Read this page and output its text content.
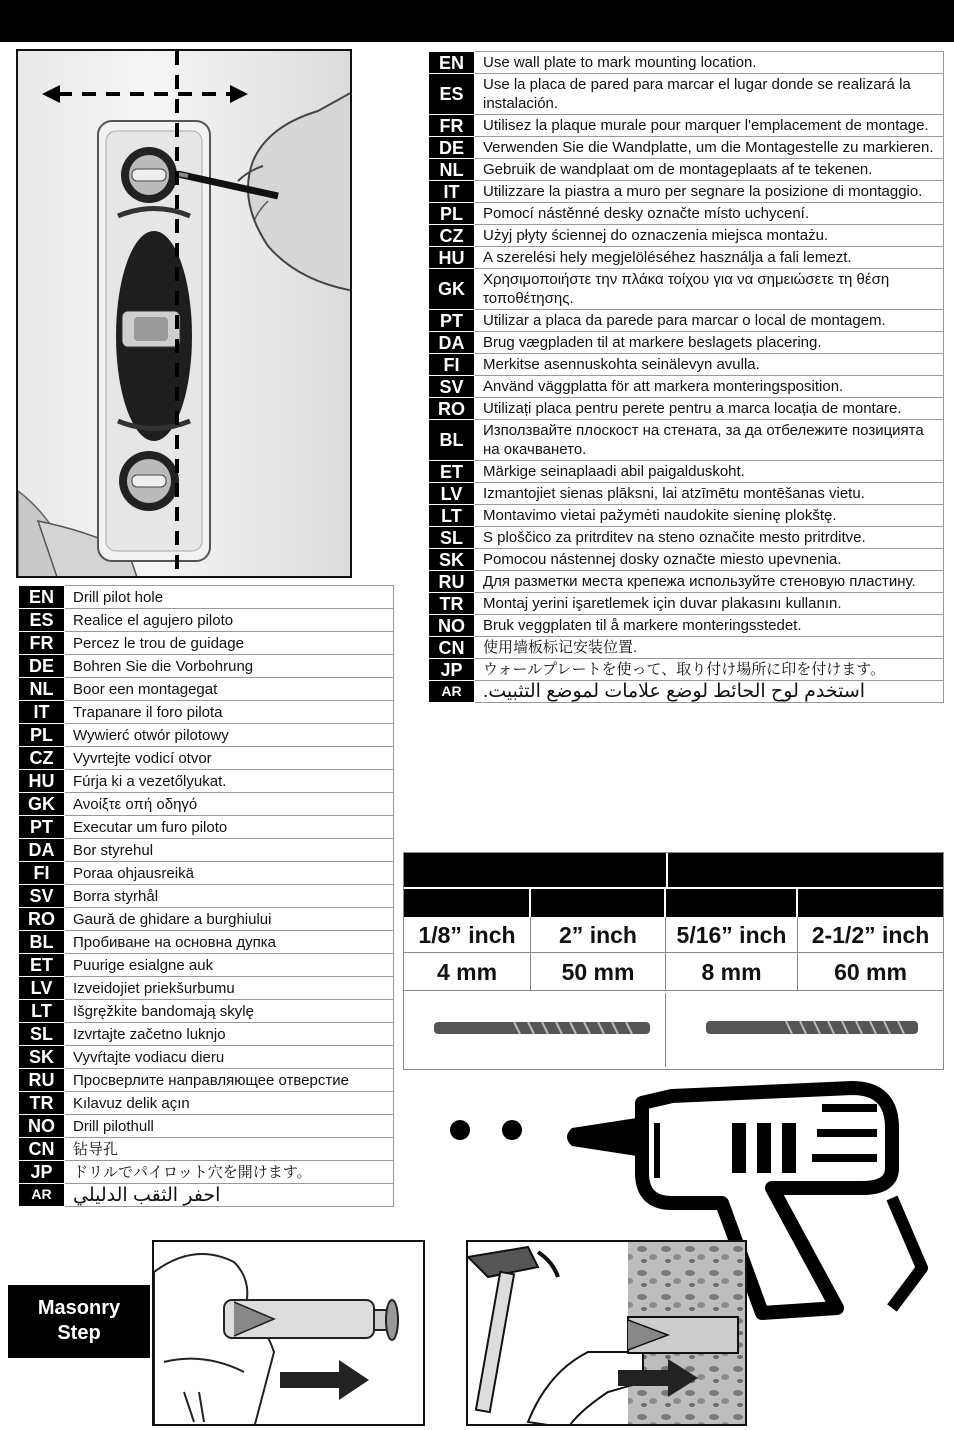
EN	Drill pilot hole
ES	Realice el agujero piloto
FR	Percez le trou de guidage
DE	Bohren Sie die Vorbohrung
NL	Boor een montagegat
IT	Trapanare il foro pilota
PL	Wywierć otwór pilotowy
CZ	Vyvrtejte vodicí otvor
HU	Fúrja ki a vezetőlyukat.
GK	Ανοίξτε οπή οδηγό
PT	Executar um furo piloto
DA	Bor styrehul
FI	Poraa ohjausreikä
SV	Borra styrhål
RO	Gaură de ghidare a burghiului
BL	Пробиване на основна дупка
ET	Puurige esialgne auk
LV	Izveidojiet priekšurbumu
LT	Išgręžkite bandomają skylę
SL	Izvrtajte začetno luknjo
SK	Vyvŕtajte vodiacu dieru
RU	Просверлите направляющее отверстие
TR	Kılavuz delik açın
NO	Drill pilothull
CN	钻导孔
JP	ドリルでパイロット穴を開けます。
AR	احفر الثقب الدليلي
EN	Use wall plate to mark mounting location.
ES	Use la placa de pared para marcar el lugar donde se realizará la instalación.
FR	Utilisez la plaque murale pour marquer l'emplacement de montage.
DE	Verwenden Sie die Wandplatte, um die Montagestelle zu markieren.
NL	Gebruik de wandplaat om de montageplaats af te tekenen.
IT	Utilizzare la piastra a muro per segnare la posizione di montaggio.
PL	Pomocí nástěnné desky označte místo uchycení.
CZ	Użyj płyty ściennej do oznaczenia miejsca montażu.
HU	A szerelési hely megjelöléséhez használja a fali lemezt.
GK	Χρησιμοποιήστε την πλάκα τοίχου για να σημειώσετε τη θέση τοποθέτησης.
PT	Utilizar a placa da parede para marcar o local de montagem.
DA	Brug vægpladen til at markere beslagets placering.
FI	Merkitse asennuskohta seinälevyn avulla.
SV	Använd väggplatta för att markera monteringsposition.
RO	Utilizați placa pentru perete pentru a marca locația de montare.
BL	Използвайте плоскост на стената, за да отбележите позицията на окачването.
ET	Märkige seinaplaadi abil paigalduskoht.
LV	Izmantojiet sienas plāksni, lai atzīmētu montēšanas vietu.
LT	Montavimo vietai pažymėti naudokite sieninę plokštę.
SL	S ploščico za pritrditev na steno označite mesto pritrditve.
SK	Pomocou nástennej dosky označte miesto upevnenia.
RU	Для разметки места крепежа используйте стеновую пластину.
TR	Montaj yerini işaretlemek için duvar plakasını kullanın.
NO	Bruk veggplaten til å markere monteringsstedet.
CN	使用墙板标记安装位置.
JP	ウォールプレートを使って、取り付け場所に印を付けます。
AR	استخدم لوح الحائط لوضع علامات لموضع التثبيت.
1/8” inch	2” inch	5/16” inch	2-1/2” inch
4 mm	50 mm	8 mm	60 mm
Masonry
Step
